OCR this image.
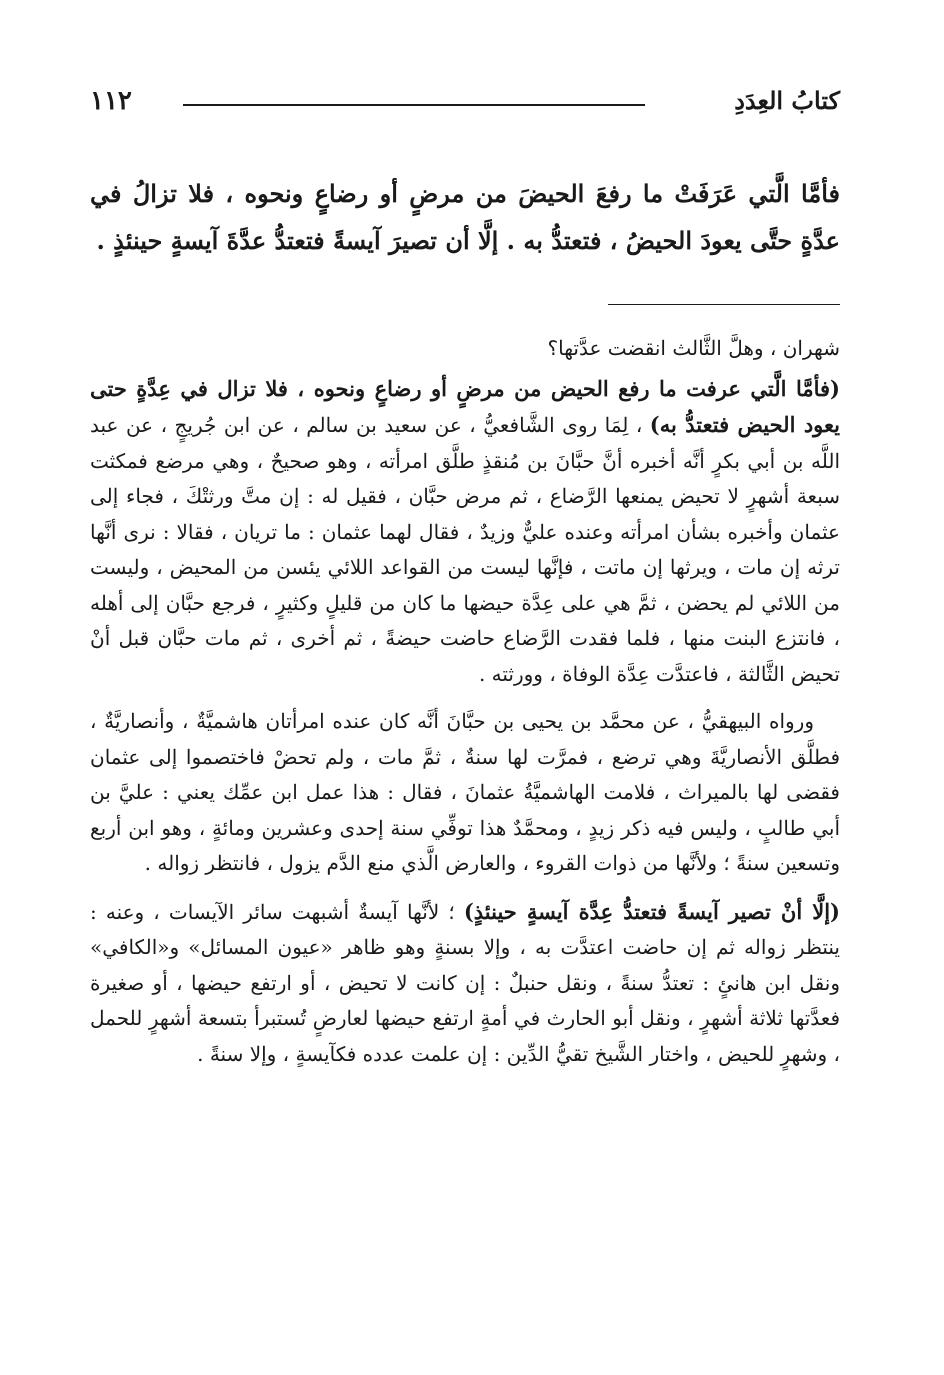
كتابُ العِدَدِ
١١٢
فأمَّا الَّتي عَرَفَتْ ما رفعَ الحيضَ من مرضٍ أو رضاعٍ ونحوه ، فلا تزالُ في عدَّةٍ حتَّى يعودَ الحيضُ ، فتعتدُّ به . إلَّا أن تصيرَ آيسةً فتعتدُّ عدَّةَ آيسةٍ حينئذٍ .

شهران ، وهلَّ الثَّالث انقضت عدَّتها؟

(فأمَّا الَّتي عرفت ما رفع الحيض من مرضٍ أو رضاعٍ ونحوه ، فلا تزال في عِدَّةٍ حتى يعود الحيض فتعتدُّ به) ، لِمَا روى الشَّافعيُّ ، عن سعيد بن سالم ، عن ابن جُريجٍ ، عن عبد اللَّه بن أبي بكرٍ أنَّه أخبره أنَّ حبَّانَ بن مُنقذٍ طلَّق امرأته ، وهو صحيحٌ ، وهي مرضع فمكثت سبعة أشهرٍ لا تحيض يمنعها الرَّضاع ، ثم مرض حبَّان ، فقيل له : إن متَّ ورثتْكَ ، فجاء إلى عثمان وأخبره بشأن امرأته وعنده عليٌّ وزيدٌ ، فقال لهما عثمان : ما تريان ، فقالا : نرى أنَّها ترثه إن مات ، ويرثها إن ماتت ، فإنَّها ليست من القواعد اللائي يئسن من المحيض ، وليست من اللائي لم يحضن ، ثمَّ هي على عِدَّة حيضها ما كان من قليلٍ وكثيرٍ ، فرجع حبَّان إلى أهله ، فانتزع البنت منها ، فلما فقدت الرَّضاع حاضت حيضةً ، ثم أخرى ، ثم مات حبَّان قبل أنْ تحيض الثَّالثة ، فاعتدَّت عِدَّة الوفاة ، وورثته .

ورواه البيهقيُّ ، عن محمَّد بن يحيى بن حبَّانَ أنَّه كان عنده امرأتان هاشميَّةٌ ، وأنصاريَّةٌ ، فطلَّق الأنصاريَّةَ وهي ترضع ، فمرَّت لها سنةٌ ، ثمَّ مات ، ولم تحضْ فاختصموا إلى عثمان فقضى لها بالميراث ، فلامت الهاشميَّةُ عثمانَ ، فقال : هذا عمل ابن عمِّك يعني : عليَّ بن أبي طالبٍ ، وليس فيه ذكر زيدٍ ، ومحمَّدٌ هذا توفِّي سنة إحدى وعشرين ومائةٍ ، وهو ابن أربع وتسعين سنةً ؛ ولأنَّها من ذوات القروء ، والعارض الَّذي منع الدَّم يزول ، فانتظر زواله .

(إلَّا أنْ تصير آيسةً فتعتدُّ عِدَّة آيسةٍ حينئذٍ) ؛ لأنَّها آيسةٌ أشبهت سائر الآيسات ، وعنه : ينتظر زواله ثم إن حاضت اعتدَّت به ، وإلا بسنةٍ وهو ظاهر «عيون المسائل» و«الكافي» ونقل ابن هانئٍ : تعتدُّ سنةً ، ونقل حنبلٌ : إن كانت لا تحيض ، أو ارتفع حيضها ، أو صغيرة فعدَّتها ثلاثة أشهرٍ ، ونقل أبو الحارث في أمةٍ ارتفع حيضها لعارضٍ تُستبرأ بتسعة أشهرٍ للحمل ، وشهرٍ للحيض ، واختار الشَّيخ تقيُّ الدِّين : إن علمت عدده فكآيسةٍ ، وإلا سنةً .
